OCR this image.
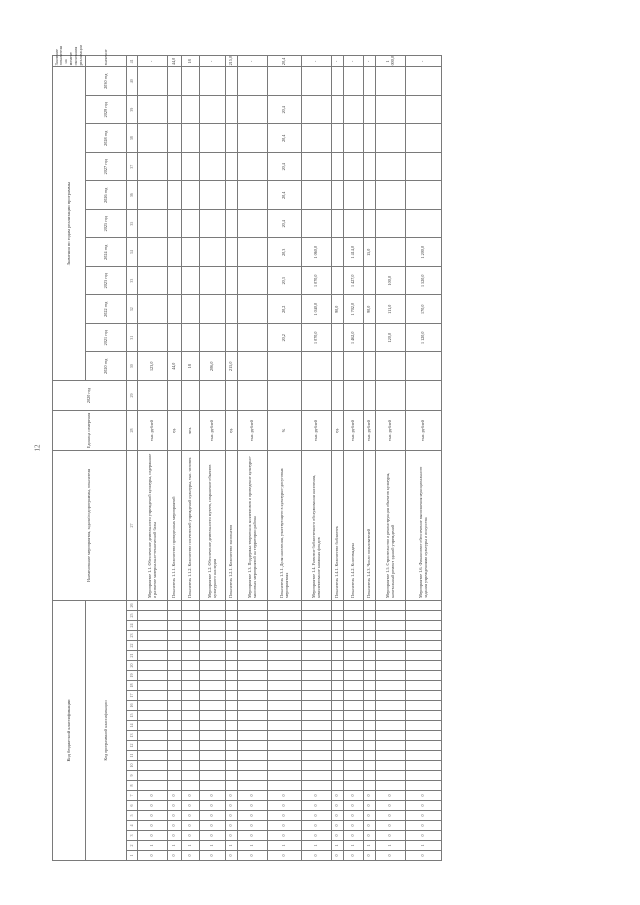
12
Код бюджетной классификации																										Наименование мероприятия, задачи/подпрограммы, показателя	Единица измерения	2020 год	Значения по годам реализации программы											Значение показателя на момент окончания реализации
Код программной классификации																													2020 год	2021 год	2022 год	2023 год	2024 год	2025 год	2026 год	2027 год	2028 год	2029 год	2030 год	значение
1	2	3	4	5	6	7	8	9	10	11	12	13	14	15	16	17	18	19	20	21	22	23	24	25	26	27	28	29	30	31	32	33	34	35	36	37	38	39	40	41
0	1	0	0	0	0	0																				Мероприятие 1.1. Обеспечение деятельности учреждений культуры, содержание и развитие материально-технической базы	тыс. рублей		123,0											-
0	1	0	0	0	0	0																				Показатель 1.1.1. Количество проведенных мероприятий	ед.		44,0											44,0
0	1	0	0	0	0	0																				Показатель 1.1.2. Количество посетителей учреждений культуры, тыс. человек	чел.		18											18
0	1	0	0	0	0	0																				Мероприятие 1.2. Обеспечение деятельности музеев, сохранение объектов культурного наследия	тыс. рублей		206,0											-
0	1	0	0	0	0	0																				Показатель 1.2.1. Количество экспонатов	ед.		215,0											215,0
0	1	0	0	0	0	0																				Мероприятие 1.3. Поддержка творческих коллективов и проведение культурно-массовых мероприятий на территории района	тыс. рублей													-
0	1	0	0	0	0	0																				Показатель 1.3.1. Доля населения, участвующего в культурно-досуговых мероприятиях	%			20,2	20,2	20,3	20,3	20,4	20,4	20,4	20,4	20,4		20,4
0	1	0	0	0	0	0																				Мероприятие 1.4. Развитие библиотечного обслуживания населения, комплектование книжных фондов	тыс. рублей			1 070,0	1 040,0	1 070,0	1 060,0							-
0	1	0	0	0	0	0																				Показатель 1.4.1. Количество библиотек	ед.				90,0									-
0	1	0	0	0	0	0																				Показатель 1.4.2. Книговыдача	тыс. рублей			1 462,0	1 702,0	1 427,0	1 414,0							-
0	1	0	0	0	0	0																				Показатель 1.4.3. Число пользователей	тыс. рублей				90,0		15,0							-
0	1	0	0	0	0	0																				Мероприятие 1.5. Строительство и реконструкция объектов культуры, капитальный ремонт зданий учреждений	тыс. рублей			120,0	111,0	100,0								1 000,0
0	1	0	0	0	0	0																				Мероприятие 1.6. Финансовое обеспечение выполнения муниципального задания учреждениями культуры и искусства	тыс. рублей			1 120,0	170,0	1 520,0	1 200,0							-
